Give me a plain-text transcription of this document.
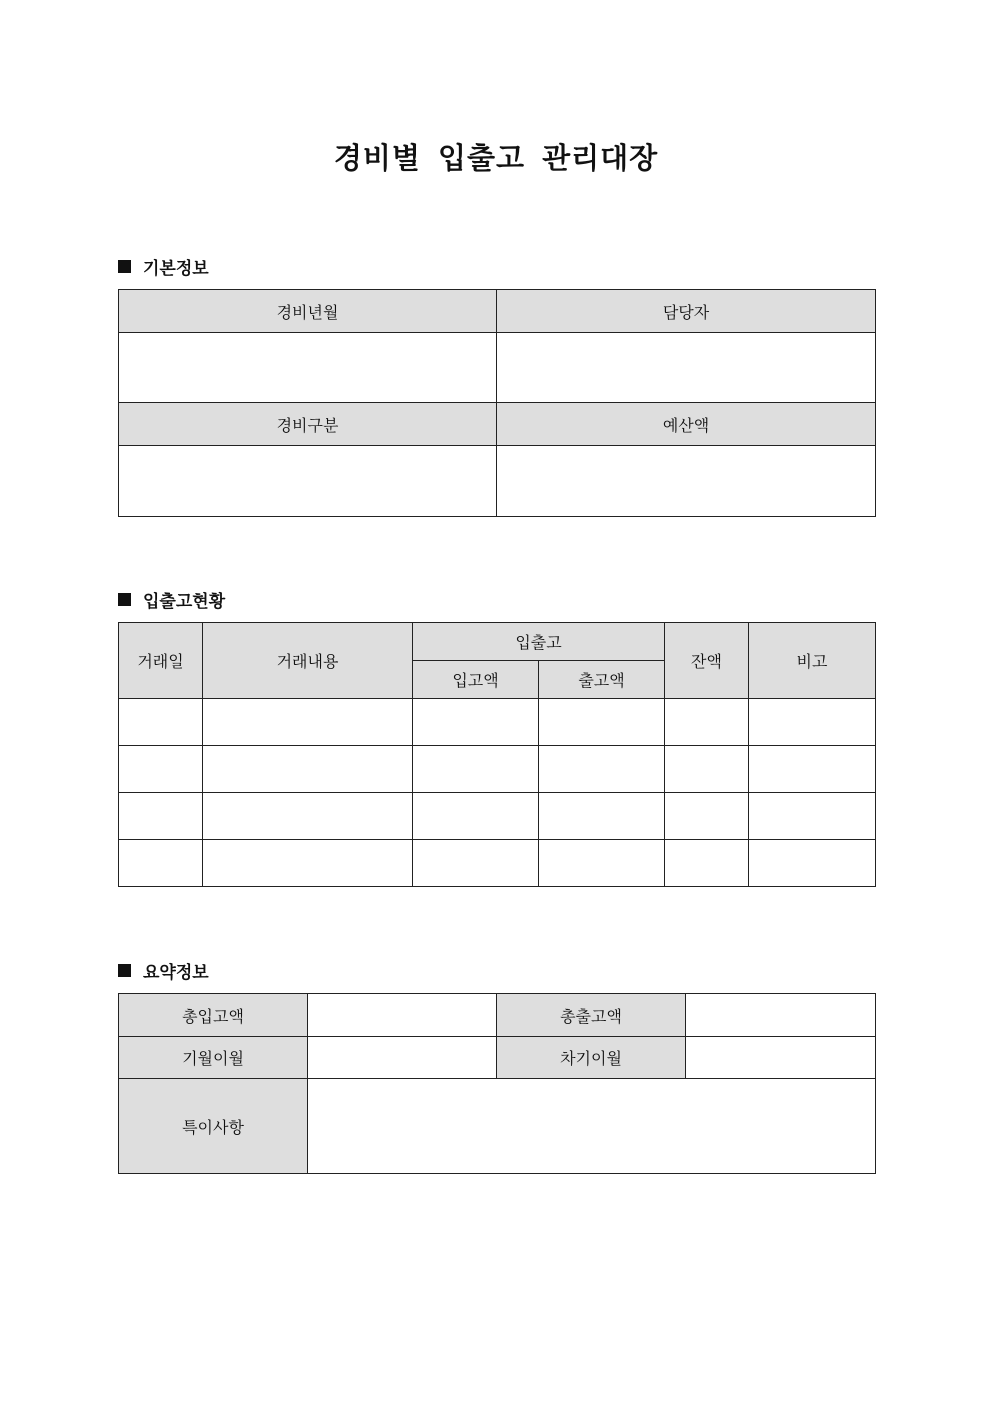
경비별 입출고 관리대장
기본정보
경비년월	담당자

경비구분	예산액

입출고현황
거래일	거래내용	입출고		잔액	비고
		입고액	출고액		

요약정보
총입고액		총출고액	
기월이월		차기이월	
특이사항			
